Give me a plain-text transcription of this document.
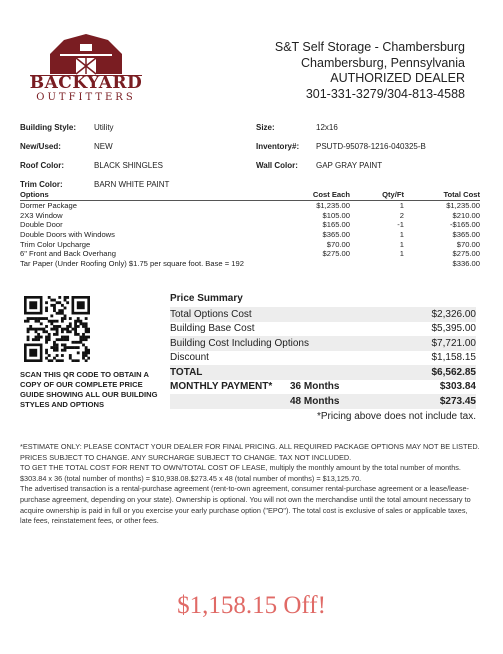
BACKYARD
OUTFITTERS
S&T Self Storage - Chambersburg
Chambersburg, Pennsylvania
AUTHORIZED DEALER
301-331-3279/304-813-4588
Building Style:	Utility	Size:	12x16
New/Used:	NEW	Inventory#:	PSUTD-95078-1216-040325-B
Roof Color:	BLACK SHINGLES	Wall Color:	GAP GRAY PAINT
Trim Color:	BARN WHITE PAINT
Options	Cost Each	Qty/Ft	Total Cost
Dormer Package	$1,235.00	1	$1,235.00
2X3 Window	$105.00	2	$210.00
Double Door	$165.00	-1	-$165.00
Double Doors with Windows	$365.00	1	$365.00
Trim Color Upcharge	$70.00	1	$70.00
6" Front and Back Overhang	$275.00	1	$275.00
Tar Paper (Under Roofing Only) $1.75 per square foot. Base = 192	$336.00
SCAN THIS QR CODE TO OBTAIN A COPY OF OUR COMPLETE PRICE GUIDE SHOWING ALL OUR BUILDING STYLES AND OPTIONS
Price Summary
Total Options Cost	$2,326.00
Building Base Cost	$5,395.00
Building Cost Including Options	$7,721.00
Discount	$1,158.15
TOTAL	$6,562.85
MONTHLY PAYMENT*	36 Months	$303.84
48 Months	$273.45
*Pricing above does not include tax.

*ESTIMATE ONLY: PLEASE CONTACT YOUR DEALER FOR FINAL PRICING. ALL REQUIRED PACKAGE OPTIONS MAY NOT BE LISTED. PRICES SUBJECT TO CHANGE. ANY SURCHARGE SUBJECT TO CHANGE. TAX NOT INCLUDED.

TO GET THE TOTAL COST FOR RENT TO OWN/TOTAL COST OF LEASE, multiply the monthly amount by the total number of months.

$303.84 x 36 (total number of months) = $10,938.08.$273.45 x 48 (total number of months) = $13,125.70.

The advertised transaction is a rental-purchase agreement (rent-to-own agreement, consumer rental-purchase agreement or a lease/lease-purchase agreement, depending on your state). Ownership is optional. You will not own the merchandise until the total amount necessary to acquire ownership is paid in full or you exercise your early purchase option ("EPO"). The total cost is exclusive of sales or applicable taxes, late fees, reinstatement fees, or other fees.

$1,158.15 Off!
